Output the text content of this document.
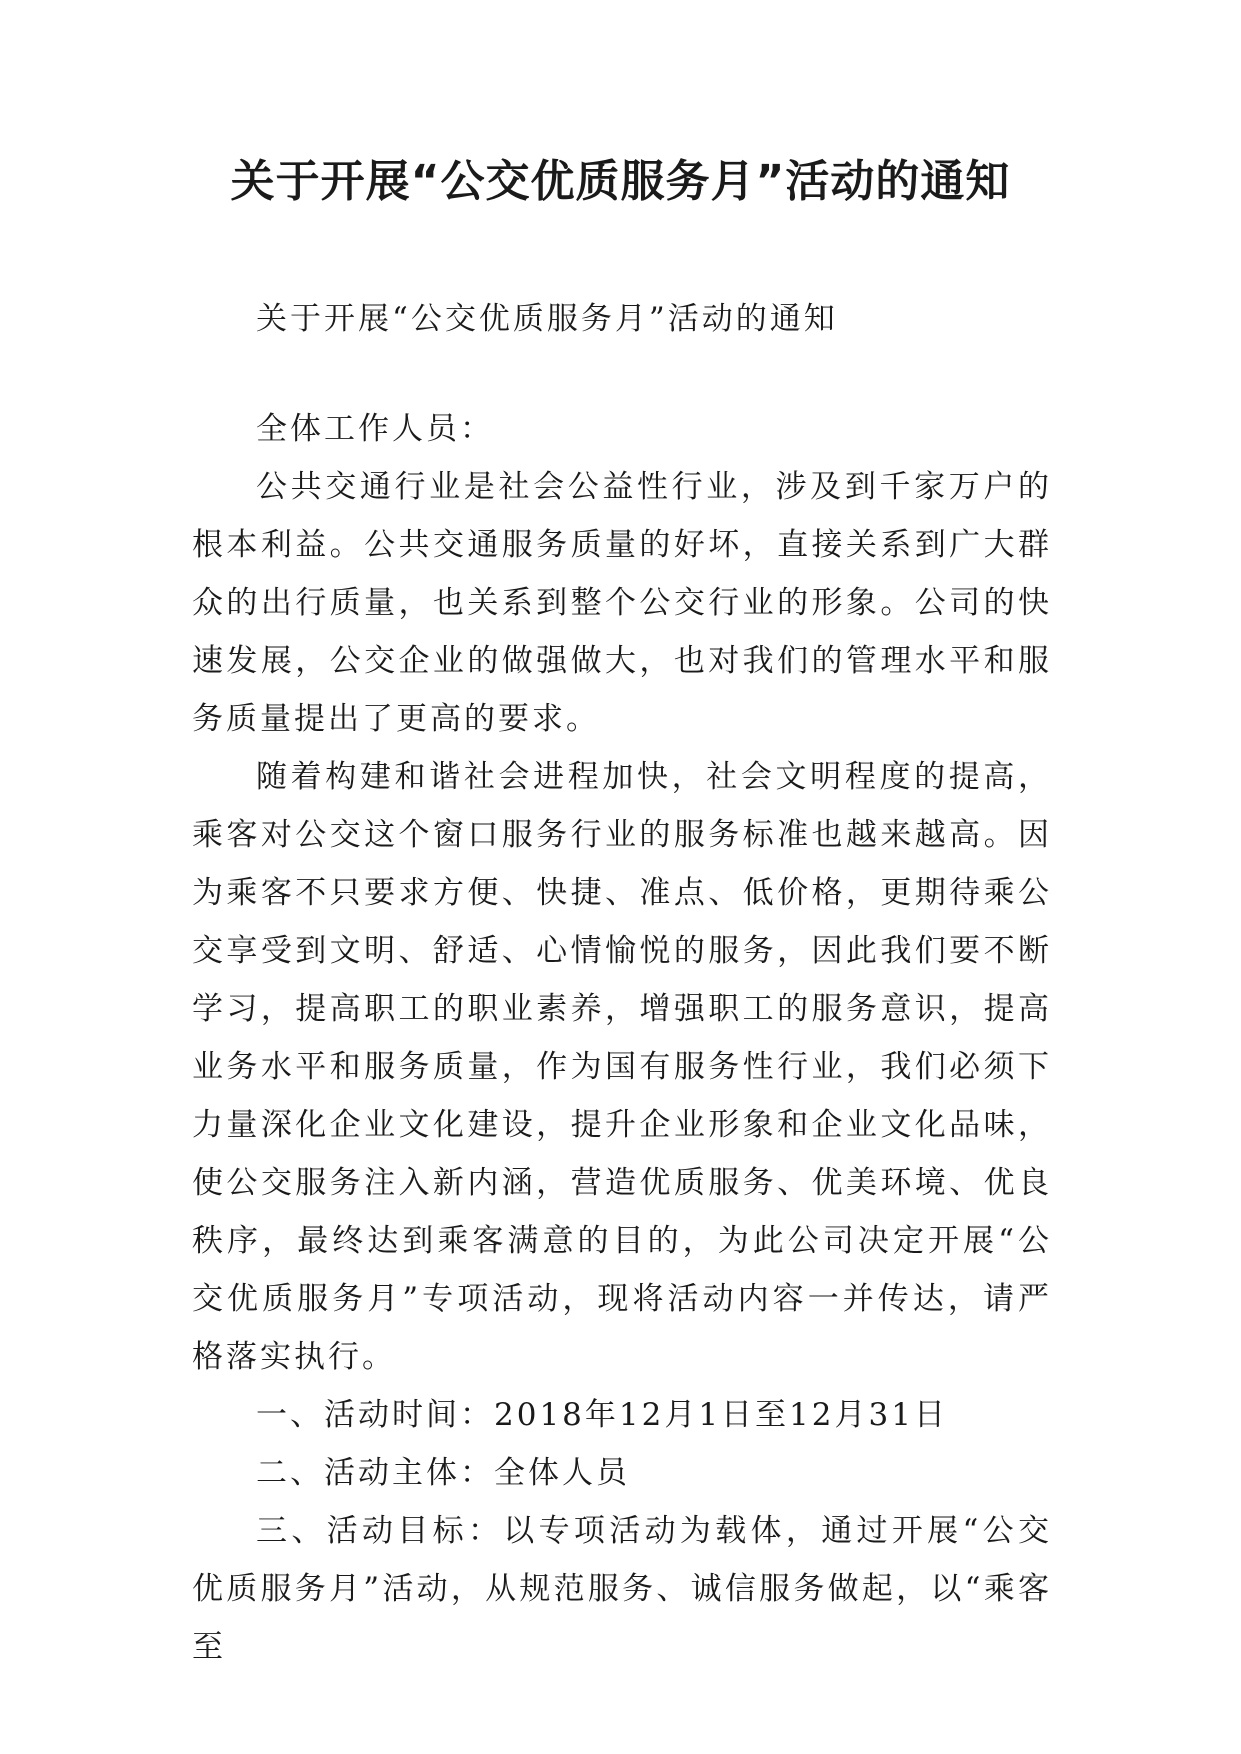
关于开展“公交优质服务月”活动的通知

关于开展“公交优质服务月”活动的通知

全体工作人员：

公共交通行业是社会公益性行业，涉及到千家万户的根本利益。公共交通服务质量的好坏，直接关系到广大群众的出行质量，也关系到整个公交行业的形象。公司的快速发展，公交企业的做强做大，也对我们的管理水平和服务质量提出了更高的要求。

随着构建和谐社会进程加快，社会文明程度的提高，乘客对公交这个窗口服务行业的服务标准也越来越高。因为乘客不只要求方便、快捷、准点、低价格，更期待乘公交享受到文明、舒适、心情愉悦的服务，因此我们要不断学习，提高职工的职业素养，增强职工的服务意识，提高业务水平和服务质量，作为国有服务性行业，我们必须下力量深化企业文化建设，提升企业形象和企业文化品味，使公交服务注入新内涵，营造优质服务、优美环境、优良秩序，最终达到乘客满意的目的，为此公司决定开展“公交优质服务月”专项活动，现将活动内容一并传达，请严格落实执行。

一、活动时间：2018年12月1日至12月31日

二、活动主体：全体人员

三、活动目标：以专项活动为载体，通过开展“公交优质服务月”活动，从规范服务、诚信服务做起，以“乘客至
